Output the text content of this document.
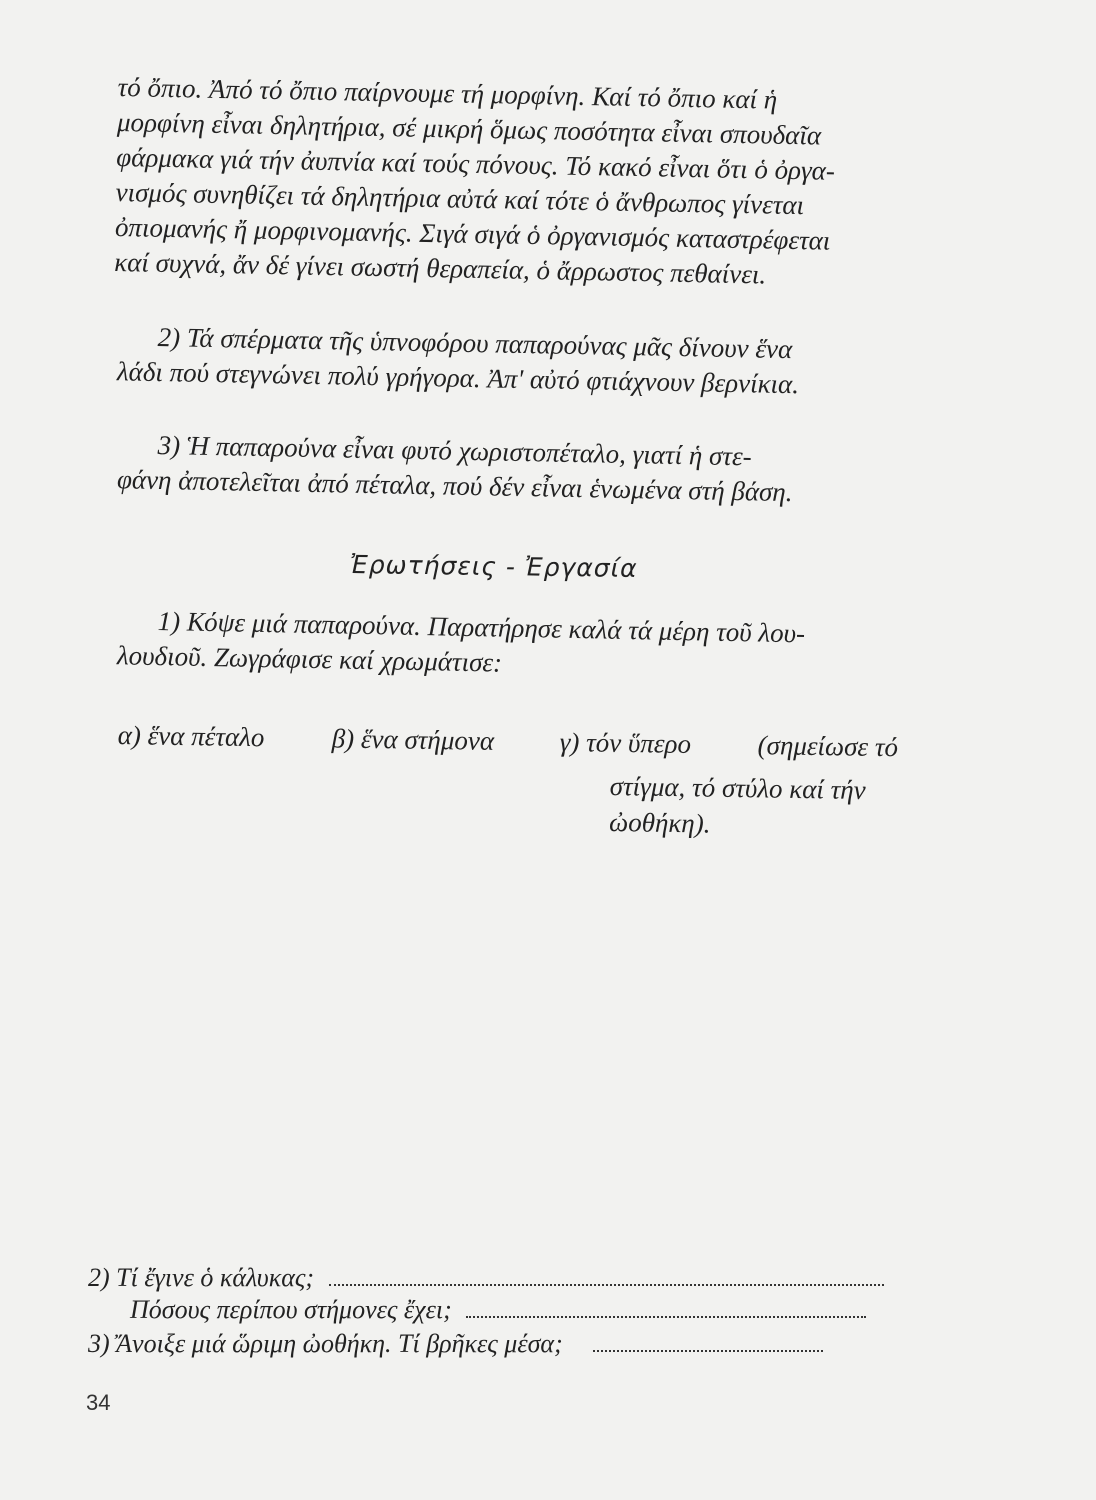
τό ὄπιο. Ἀπό τό ὄπιο παίρνουμε τή μορφίνη. Καί τό ὄπιο καί ἡ
μορφίνη εἶναι δηλητήρια, σέ μικρή ὅμως ποσότητα εἶναι σπουδαῖα
φάρμακα γιά τήν ἀυπνία καί τούς πόνους. Τό κακό εἶναι ὅτι ὁ ὀργα-
νισμός συνηθίζει τά δηλητήρια αὐτά καί τότε ὁ ἄνθρωπος γίνεται
ὀπιομανής ἤ μορφινομανής. Σιγά σιγά ὁ ὀργανισμός καταστρέφεται
καί συχνά, ἄν δέ γίνει σωστή θεραπεία, ὁ ἄρρωστος πεθαίνει.
2) Τά σπέρματα τῆς ὑπνοφόρου παπαρούνας μᾶς δίνουν ἕνα
λάδι πού στεγνώνει πολύ γρήγορα. Ἀπ' αὐτό φτιάχνουν βερνίκια.
3) Ἡ παπαρούνα εἶναι φυτό χωριστοπέταλο, γιατί ἡ στε-
φάνη ἀποτελεῖται ἀπό πέταλα, πού δέν εἶναι ἑνωμένα στή βάση.
Ἐρωτήσεις - Ἐργασία
1) Κόψε μιά παπαρούνα. Παρατήρησε καλά τά μέρη τοῦ λου-
λουδιοῦ. Ζωγράφισε καί χρωμάτισε:
α) ἕνα πέταλο β) ἕνα στήμονα γ) τόν ὕπερο (σημείωσε τό
στίγμα, τό στύλο καί τήν
ὠοθήκη).
2) Τί ἔγινε ὁ κάλυκας;
Πόσους περίπου στήμονες ἔχει;
3) Ἄνοιξε μιά ὥριμη ὠοθήκη. Τί βρῆκες μέσα;
34
